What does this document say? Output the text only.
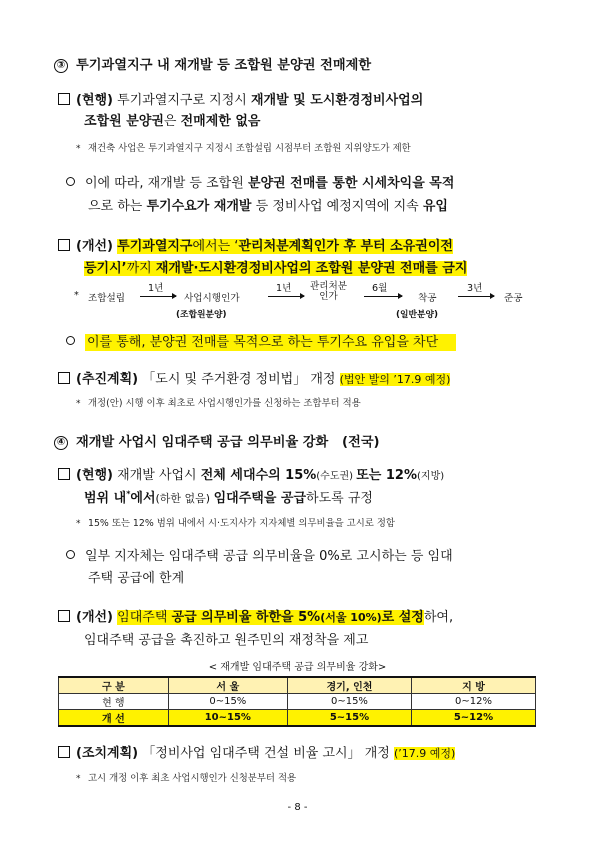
③ 투기과열지구 내 재개발 등 조합원 분양권 전매제한
(현행) 투기과열지구로 지정시 재개발 및 도시환경정비사업의
조합원 분양권은 전매제한 없음
* 재건축 사업은 투기과열지구 지정시 조합설립 시점부터 조합원 지위양도가 제한
이에 따라, 재개발 등 조합원 분양권 전매를 통한 시세차익을 목적
으로 하는 투기수요가 재개발 등 정비사업 예정지역에 지속 유입
(개선) 투기과열지구에서는 ‘관리처분계획인가 후 부터 소유권이전
등기시’까지 재개발·도시환경정비사업의 조합원 분양권 전매를 금지
* 조합설립
1년
사업시행인가
1년 관리처분
인가
6월
착공
3년
준공
(조합원분양)	(일반분양)
이를 통해, 분양권 전매를 목적으로 하는 투기수요 유입을 차단
(추진계획) 「도시 및 주거환경 정비법」 개정 (법안 발의 ’17.9 예정)
* 개정(안) 시행 이후 최초로 사업시행인가를 신청하는 조합부터 적용
④ 재개발 사업시 임대주택 공급 의무비율 강화 (전국)
(현행) 재개발 사업시 전체 세대수의 15%(수도권) 또는 12%(지방)
범위 내*에서(하한 없음) 임대주택을 공급하도록 규정
* 15% 또는 12% 범위 내에서 시·도지사가 지자체별 의무비율을 고시로 정함
일부 지자체는 임대주택 공급 의무비율을 0%로 고시하는 등 임대
주택 공급에 한계
(개선) 임대주택 공급 의무비율 하한을 5%(서울 10%)로 설정하여,
임대주택 공급을 촉진하고 원주민의 재정착을 제고
< 재개발 임대주택 공급 의무비율 강화>
구 분	서 울	경기, 인천	지 방
현 행	0~15%	0~15%	0~12%
개 선	10~15%	5~15%	5~12%
(조치계획) 「정비사업 임대주택 건설 비율 고시」 개정 (’17.9 예정)
* 고시 개정 이후 최초 사업시행인가 신청분부터 적용
- 8 -
